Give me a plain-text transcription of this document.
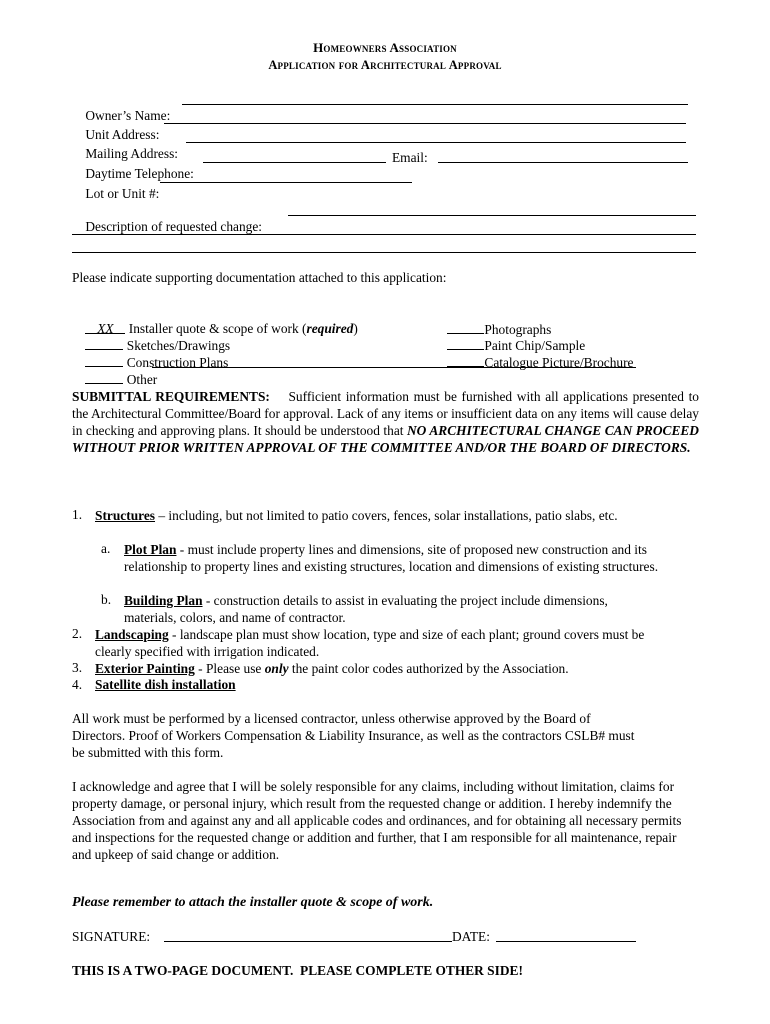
Homeowners Association
Application for Architectural Approval

Owner’s Name:

Unit Address:

Mailing Address:

Daytime Telephone:

Email:

Lot or Unit #:

Description of requested change:

Please indicate supporting documentation attached to this application:

XX Installer quote & scope of work (required)

Sketches/Drawings

Construction Plans

Other

Photographs

Paint Chip/Sample

Catalogue Picture/Brochure

SUBMITTAL REQUIREMENTS: Sufficient information must be furnished with all applications presented to the Architectural Committee/Board for approval. Lack of any items or insufficient data on any items will cause delay in checking and approving plans. It should be understood that NO ARCHITECTURAL CHANGE CAN PROCEED WITHOUT PRIOR WRITTEN APPROVAL OF THE COMMITTEE AND/OR THE BOARD OF DIRECTORS.
1. Structures – including, but not limited to patio covers, fences, solar installations, patio slabs, etc.
a. Plot Plan - must include property lines and dimensions, site of proposed new construction and its relationship to property lines and existing structures, location and dimensions of existing structures.
b. Building Plan - construction details to assist in evaluating the project include dimensions, materials, colors, and name of contractor.
2. Landscaping - landscape plan must show location, type and size of each plant; ground covers must be clearly specified with irrigation indicated.
3. Exterior Painting - Please use only the paint color codes authorized by the Association.
4. Satellite dish installation
All work must be performed by a licensed contractor, unless otherwise approved by the Board of Directors. Proof of Workers Compensation & Liability Insurance, as well as the contractors CSLB# must be submitted with this form.
I acknowledge and agree that I will be solely responsible for any claims, including without limitation, claims for property damage, or personal injury, which result from the requested change or addition. I hereby indemnify the Association from and against any and all applicable codes and ordinances, and for obtaining all necessary permits and inspections for the requested change or addition and further, that I am responsible for all maintenance, repair and upkeep of said change or addition.
Please remember to attach the installer quote & scope of work.
SIGNATURE:	DATE:
THIS IS A TWO-PAGE DOCUMENT.  PLEASE COMPLETE OTHER SIDE!
